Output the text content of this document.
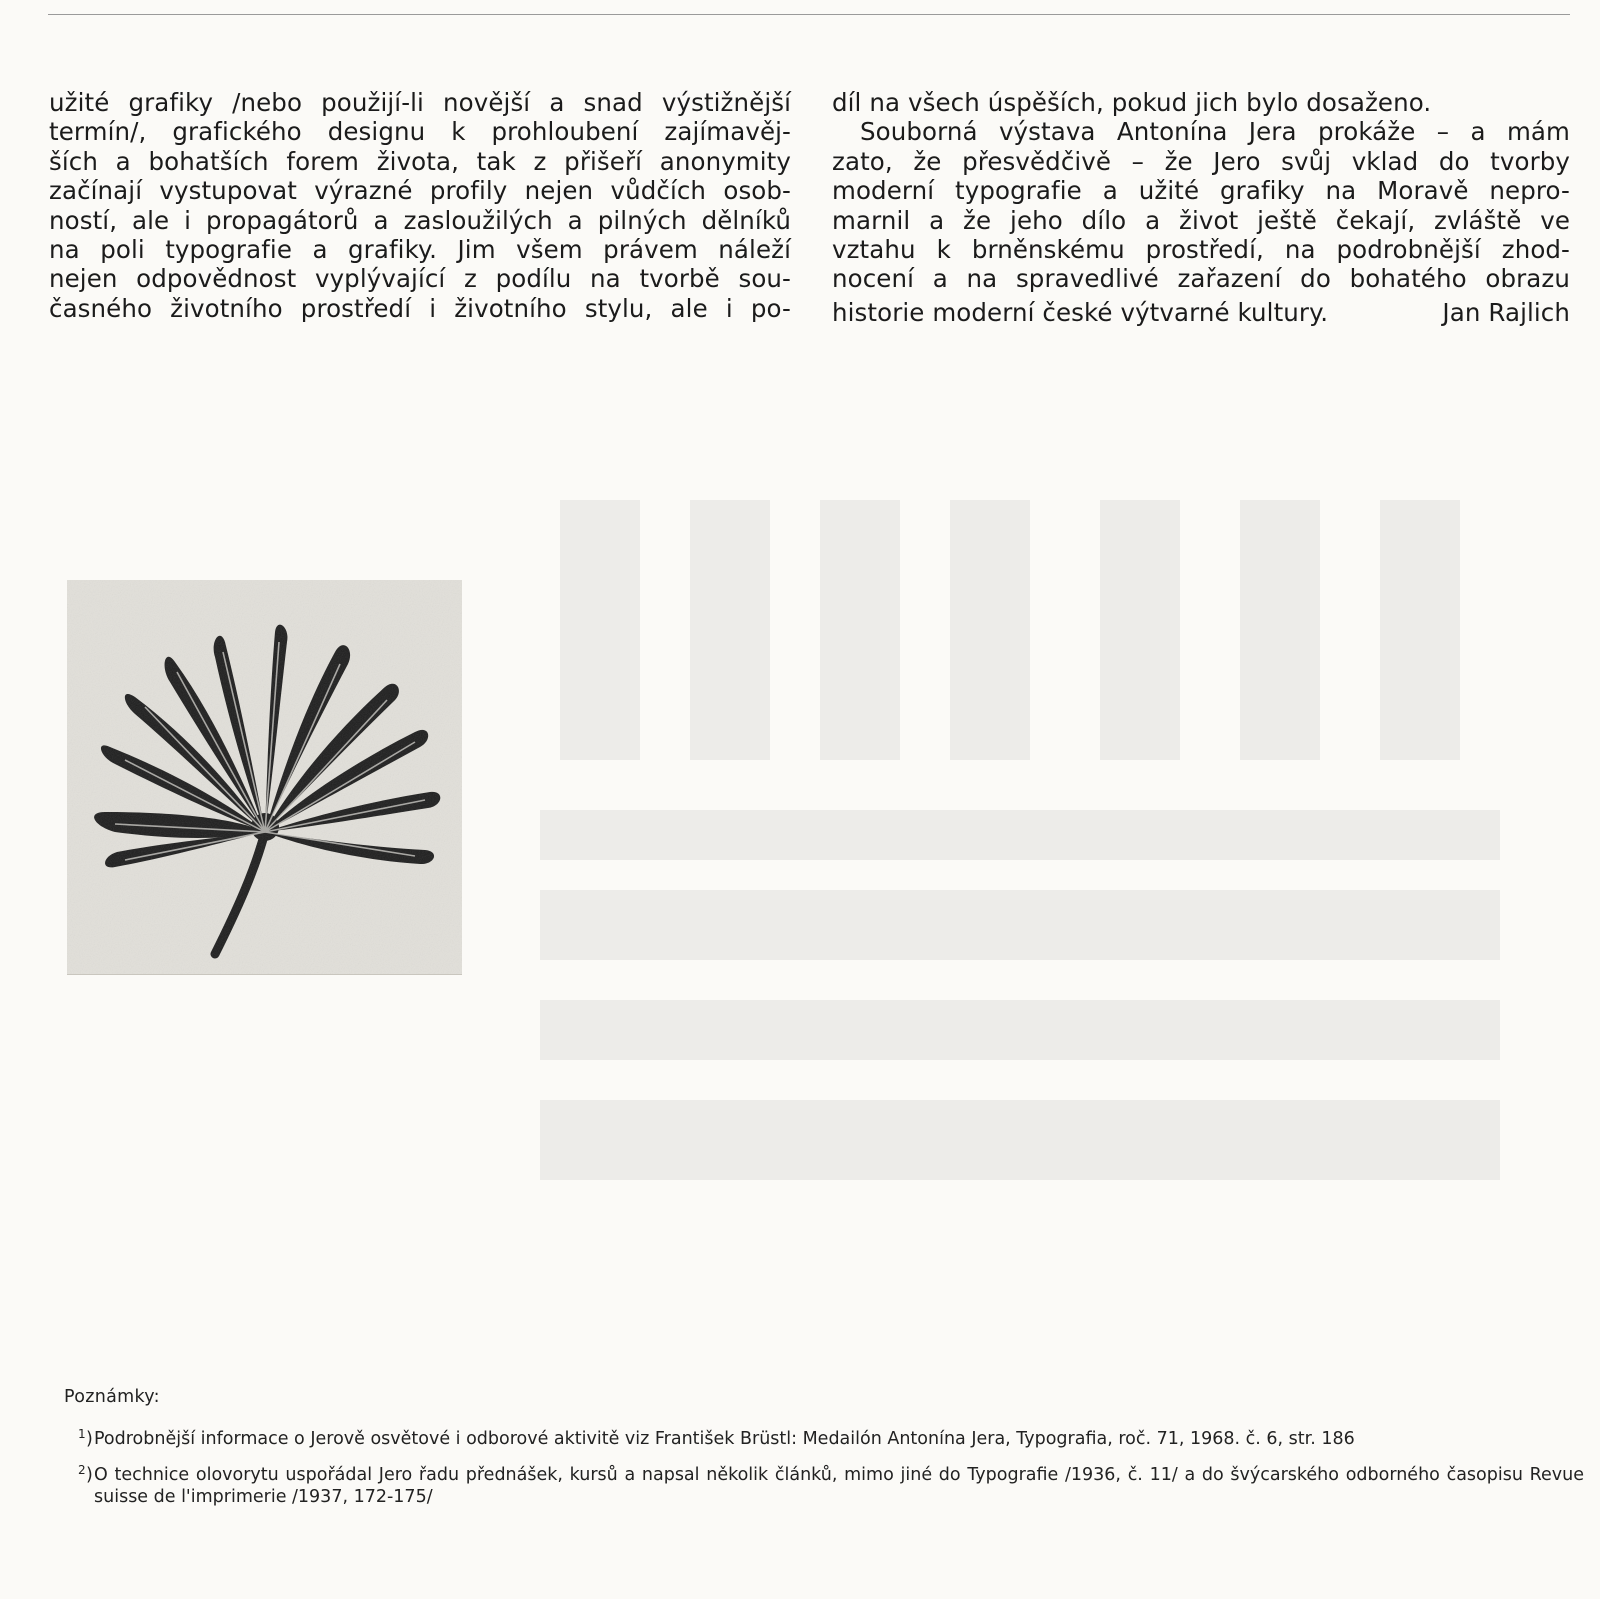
užité grafiky /nebo použijí-li novější a snad výstižnější
termín/, grafického designu k prohloubení zajímavěj-
ších a bohatších forem života, tak z přišeří anonymity
začínají vystupovat výrazné profily nejen vůdčích osob-
ností, ale i propagátorů a zasloužilých a pilných dělníků
na poli typografie a grafiky. Jim všem právem náleží
nejen odpovědnost vyplývající z podílu na tvorbě sou-
časného životního prostředí i životního stylu, ale i po-
díl na všech úspěších, pokud jich bylo dosaženo.
Souborná výstava Antonína Jera prokáže – a mám
zato, že přesvědčivě – že Jero svůj vklad do tvorby
moderní typografie a užité grafiky na Moravě nepro-
marnil a že jeho dílo a život ještě čekají, zvláště ve
vztahu k brněnskému prostředí, na podrobnější zhod-
nocení a na spravedlivé zařazení do bohatého obrazu
historie moderní české výtvarné kultury.	Jan Rajlich
Poznámky:
1 ) Podrobnější informace o Jerově osvětové i odborové aktivitě viz František Brüstl: Medailón Antonína Jera, Typografia, roč. 71, 1968. č. 6, str. 186
2 ) O technice olovorytu uspořádal Jero řadu přednášek, kursů a napsal několik článků, mimo jiné do Typografie /1936, č. 11/ a do švýcarského odborného časopisu Revue suisse de l'imprimerie /1937, 172-175/
